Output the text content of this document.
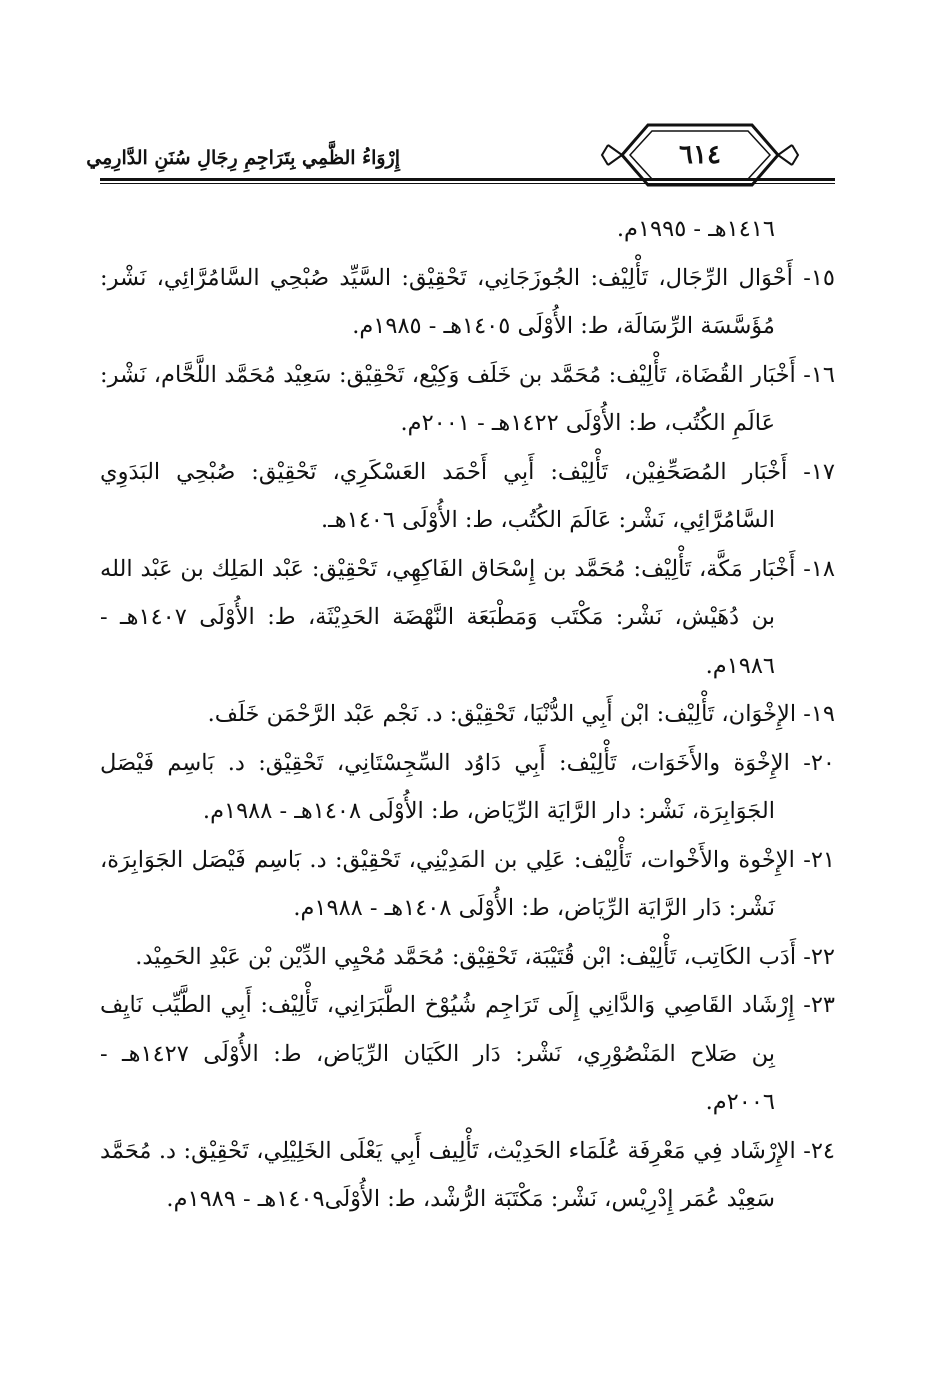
إِرْوَاءُ الظَّمِي بِتَرَاجِمِ رِجَالِ سُنَنِ الدَّارِمِي	٦١٤

١٤١٦هـ - ١٩٩٥م.

١٥- أَحْوَال الرِّجَال، تَأْلِيْف: الجُوزَجَانِي، تَحْقِيْق: السَّيِّد صُبْحِي السَّامُرَّائِي، نَشْر: مُؤَسَّسَة الرِّسَالَة، ط: الأُوْلَى ١٤٠٥هـ - ١٩٨٥م.

١٦- أَخْبَار القُضَاة، تَأْلِيْف: مُحَمَّد بن خَلَف وَكِيْع، تَحْقِيْق: سَعِيْد مُحَمَّد اللَّحَّام، نَشْر: عَالَمِ الكُتُب، ط: الأُوْلَى ١٤٢٢هـ - ٢٠٠١م.

١٧- أَخْبَار المُصَحِّفِيْن، تَأْلِيْف: أَبِي أَحْمَد العَسْكَرِي، تَحْقِيْق: صُبْحِي البَدَوِي السَّامُرَّائِي، نَشْر: عَالَمَ الكُتُب، ط: الأُوْلَى ١٤٠٦هـ.

١٨- أَخْبَار مَكَّة، تَأْلِيْف: مُحَمَّد بن إِسْحَاق الفَاكِهِي، تَحْقِيْق: عَبْد المَلِك بن عَبْد الله بن دُهَيْش، نَشْر: مَكْتَب وَمَطْبَعَة النَّهْضَة الحَدِيْثَة، ط: الأُوْلَى ١٤٠٧هـ - ١٩٨٦م.

١٩- الإِخْوَان، تَأْلِيْف: ابْن أَبِي الدُّنْيَا، تَحْقِيْق: د. نَجْم عَبْد الرَّحْمَن خَلَف.

٢٠- الإِخْوَة والأَخَوَات، تَأْلِيْف: أَبِي دَاوُد السِّجِسْتَانِي، تَحْقِيْق: د. بَاسِم فَيْصَل الجَوَابِرَة، نَشْر: دار الرَّايَة الرِّيَاض، ط: الأُوْلَى ١٤٠٨هـ - ١٩٨٨م.

٢١- الإِخْوة والأَخْوات، تَأْلِيْف: عَلِي بن المَدِيْنِي، تَحْقِيْق: د. بَاسِم فَيْصَل الجَوَابِرَة، نَشْر: دَار الرَّايَة الرِّيَاض، ط: الأُوْلَى ١٤٠٨هـ - ١٩٨٨م.

٢٢- أَدَب الكَاتِب، تَأْلِيْف: ابْن قُتَيْبَة، تَحْقِيْق: مُحَمَّد مُحْيِي الدِّيْن بْن عَبْدِ الحَمِيْد.

٢٣- إِرْشَاد القَاصِي وَالدَّانِي إِلَى تَرَاجِم شُيُوْخ الطَّبَرَانِي، تَأْلِيْف: أَبِي الطَّيِّب نَايِف بِن صَلاح المَنْصُوْرِي، نَشْر: دَار الكَيَان الرِّيَاض، ط: الأُوْلَى ١٤٢٧هـ - ٢٠٠٦م.

٢٤- الإِرْشَاد فِي مَعْرِفَة عُلَمَاء الحَدِيْث، تَأْلِيف أَبِي يَعْلَى الخَلِيْلِي، تَحْقِيْق: د. مُحَمَّد سَعِيْد عُمَر إِدْرِيْس، نَشْر: مَكْتَبَة الرُّشْد، ط: الأُوْلَى١٤٠٩هـ - ١٩٨٩م.
